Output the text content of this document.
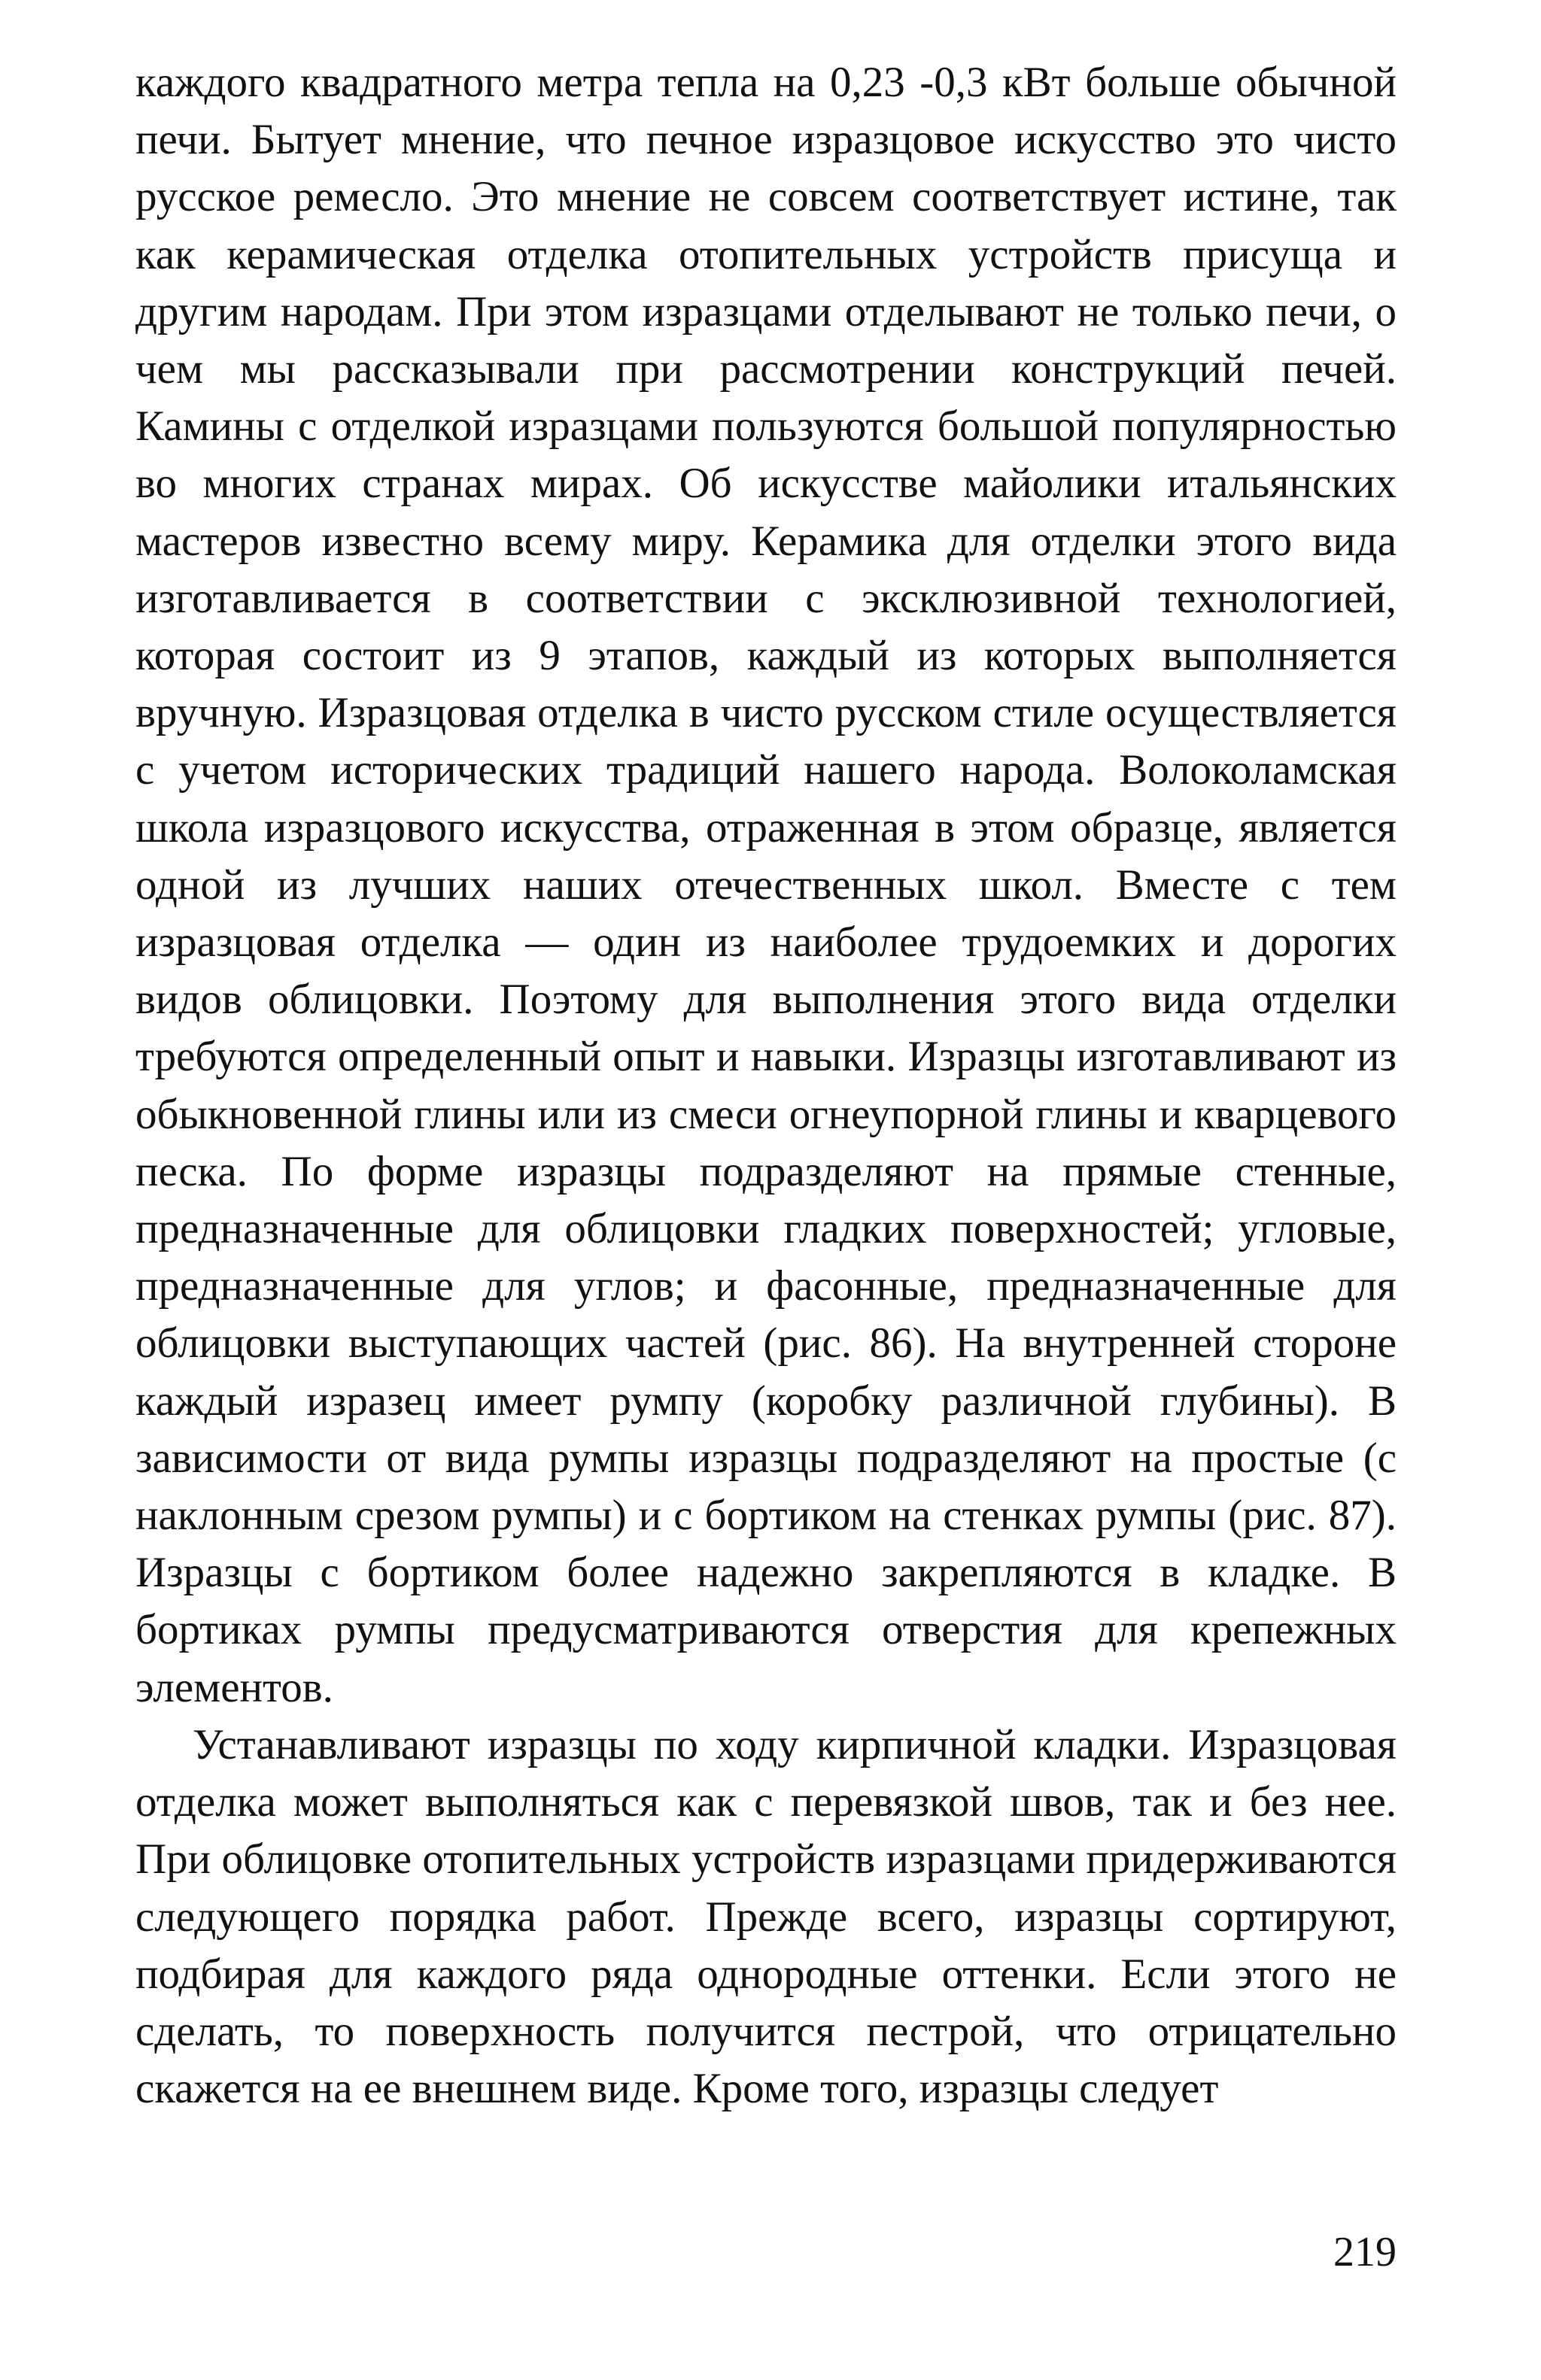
каждого квадратного метра тепла на 0,23 -0,3 кВт больше обычной печи. Бытует мнение, что печное изразцовое искусство это чисто русское ремесло. Это мнение не совсем соответствует истине, так как керамическая отделка отопительных устройств присуща и другим народам. При этом изразцами отделывают не только печи, о чем мы рассказывали при рассмотрении конструкций печей. Камины с отделкой изразцами пользуются большой популярностью во многих странах мирах. Об искусстве майолики итальянских мастеров известно всему миру. Керамика для отделки этого вида изготавливается в соответствии с эксклюзивной технологией, которая состоит из 9 этапов, каждый из которых выполняется вручную. Изразцовая отделка в чисто русском стиле осуществляется с учетом исторических традиций нашего народа. Волоколамская школа изразцового искусства, отраженная в этом образце, является одной из лучших наших отечественных школ. Вместе с тем изразцовая отделка — один из наиболее трудоемких и дорогих видов облицовки. Поэтому для выполнения этого вида отделки требуются определенный опыт и навыки. Изразцы изготавливают из обыкновенной глины или из смеси огнеупорной глины и кварцевого песка. По форме изразцы подразделяют на прямые стенные, предназначенные для облицовки гладких поверхностей; угловые, предназначенные для углов; и фасонные, предназначенные для облицовки выступающих частей (рис. 86). На внутренней стороне каждый изразец имеет румпу (коробку различной глубины). В зависимости от вида румпы изразцы подразделяют на простые (с наклонным срезом румпы) и с бортиком на стенках румпы (рис. 87). Изразцы с бортиком более надежно закрепляются в кладке. В бортиках румпы предусматриваются отверстия для крепежных элементов.

Устанавливают изразцы по ходу кирпичной кладки. Изразцовая отделка может выполняться как с перевязкой швов, так и без нее. При облицовке отопительных устройств изразцами придерживаются следующего порядка работ. Прежде всего, изразцы сортируют, подбирая для каждого ряда однородные оттенки. Если этого не сделать, то поверхность получится пестрой, что отрицательно скажется на ее внешнем виде. Кроме того, изразцы следует

219
